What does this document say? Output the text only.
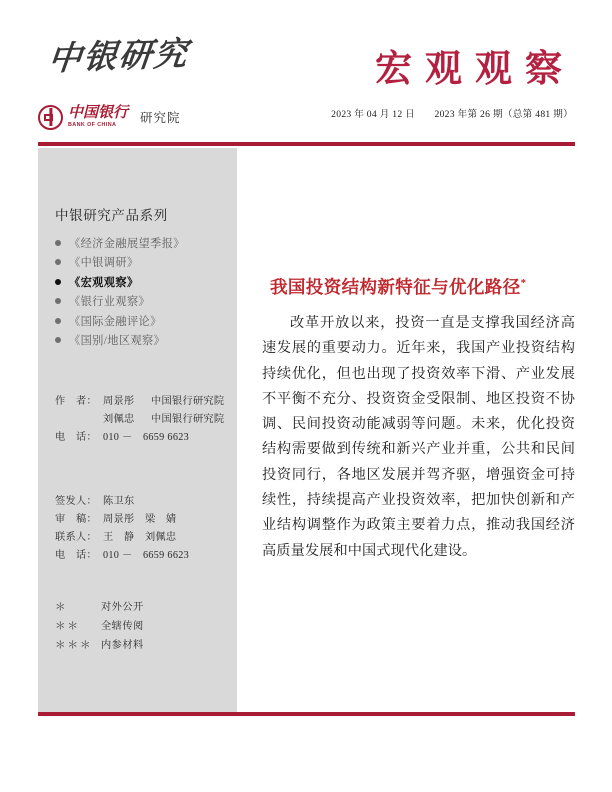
中银研究
中国银行
BANK OF CHINA	研究院
宏观观察
2023 年 04 月 12 日 2023 年第 26 期（总第 481 期）
中银研究产品系列
《经济金融展望季报》
《中银调研》
《宏观观察》
《银行业观察》
《国际金融评论》
《国别/地区观察》
作　者： 周景彤	中国银行研究院
刘佩忠	中国银行研究院
电　话： 010 －　6659 6623
签发人： 陈卫东
审　稿： 周景彤　梁　婧
联系人： 王　静　刘佩忠
电　话： 010 －　6659 6623
＊	对外公开
＊＊	全辖传阅
＊＊＊ 内参材料
我国投资结构新特征与优化路径*
改革开放以来，投资一直是支撑我国经济高速发展的重要动力。近年来，我国产业投资结构持续优化，但也出现了投资效率下滑、产业发展不平衡不充分、投资资金受限制、地区投资不协调、民间投资动能减弱等问题。未来，优化投资结构需要做到传统和新兴产业并重，公共和民间投资同行，各地区发展并驾齐驱，增强资金可持续性，持续提高产业投资效率，把加快创新和产业结构调整作为政策主要着力点，推动我国经济高质量发展和中国式现代化建设。
